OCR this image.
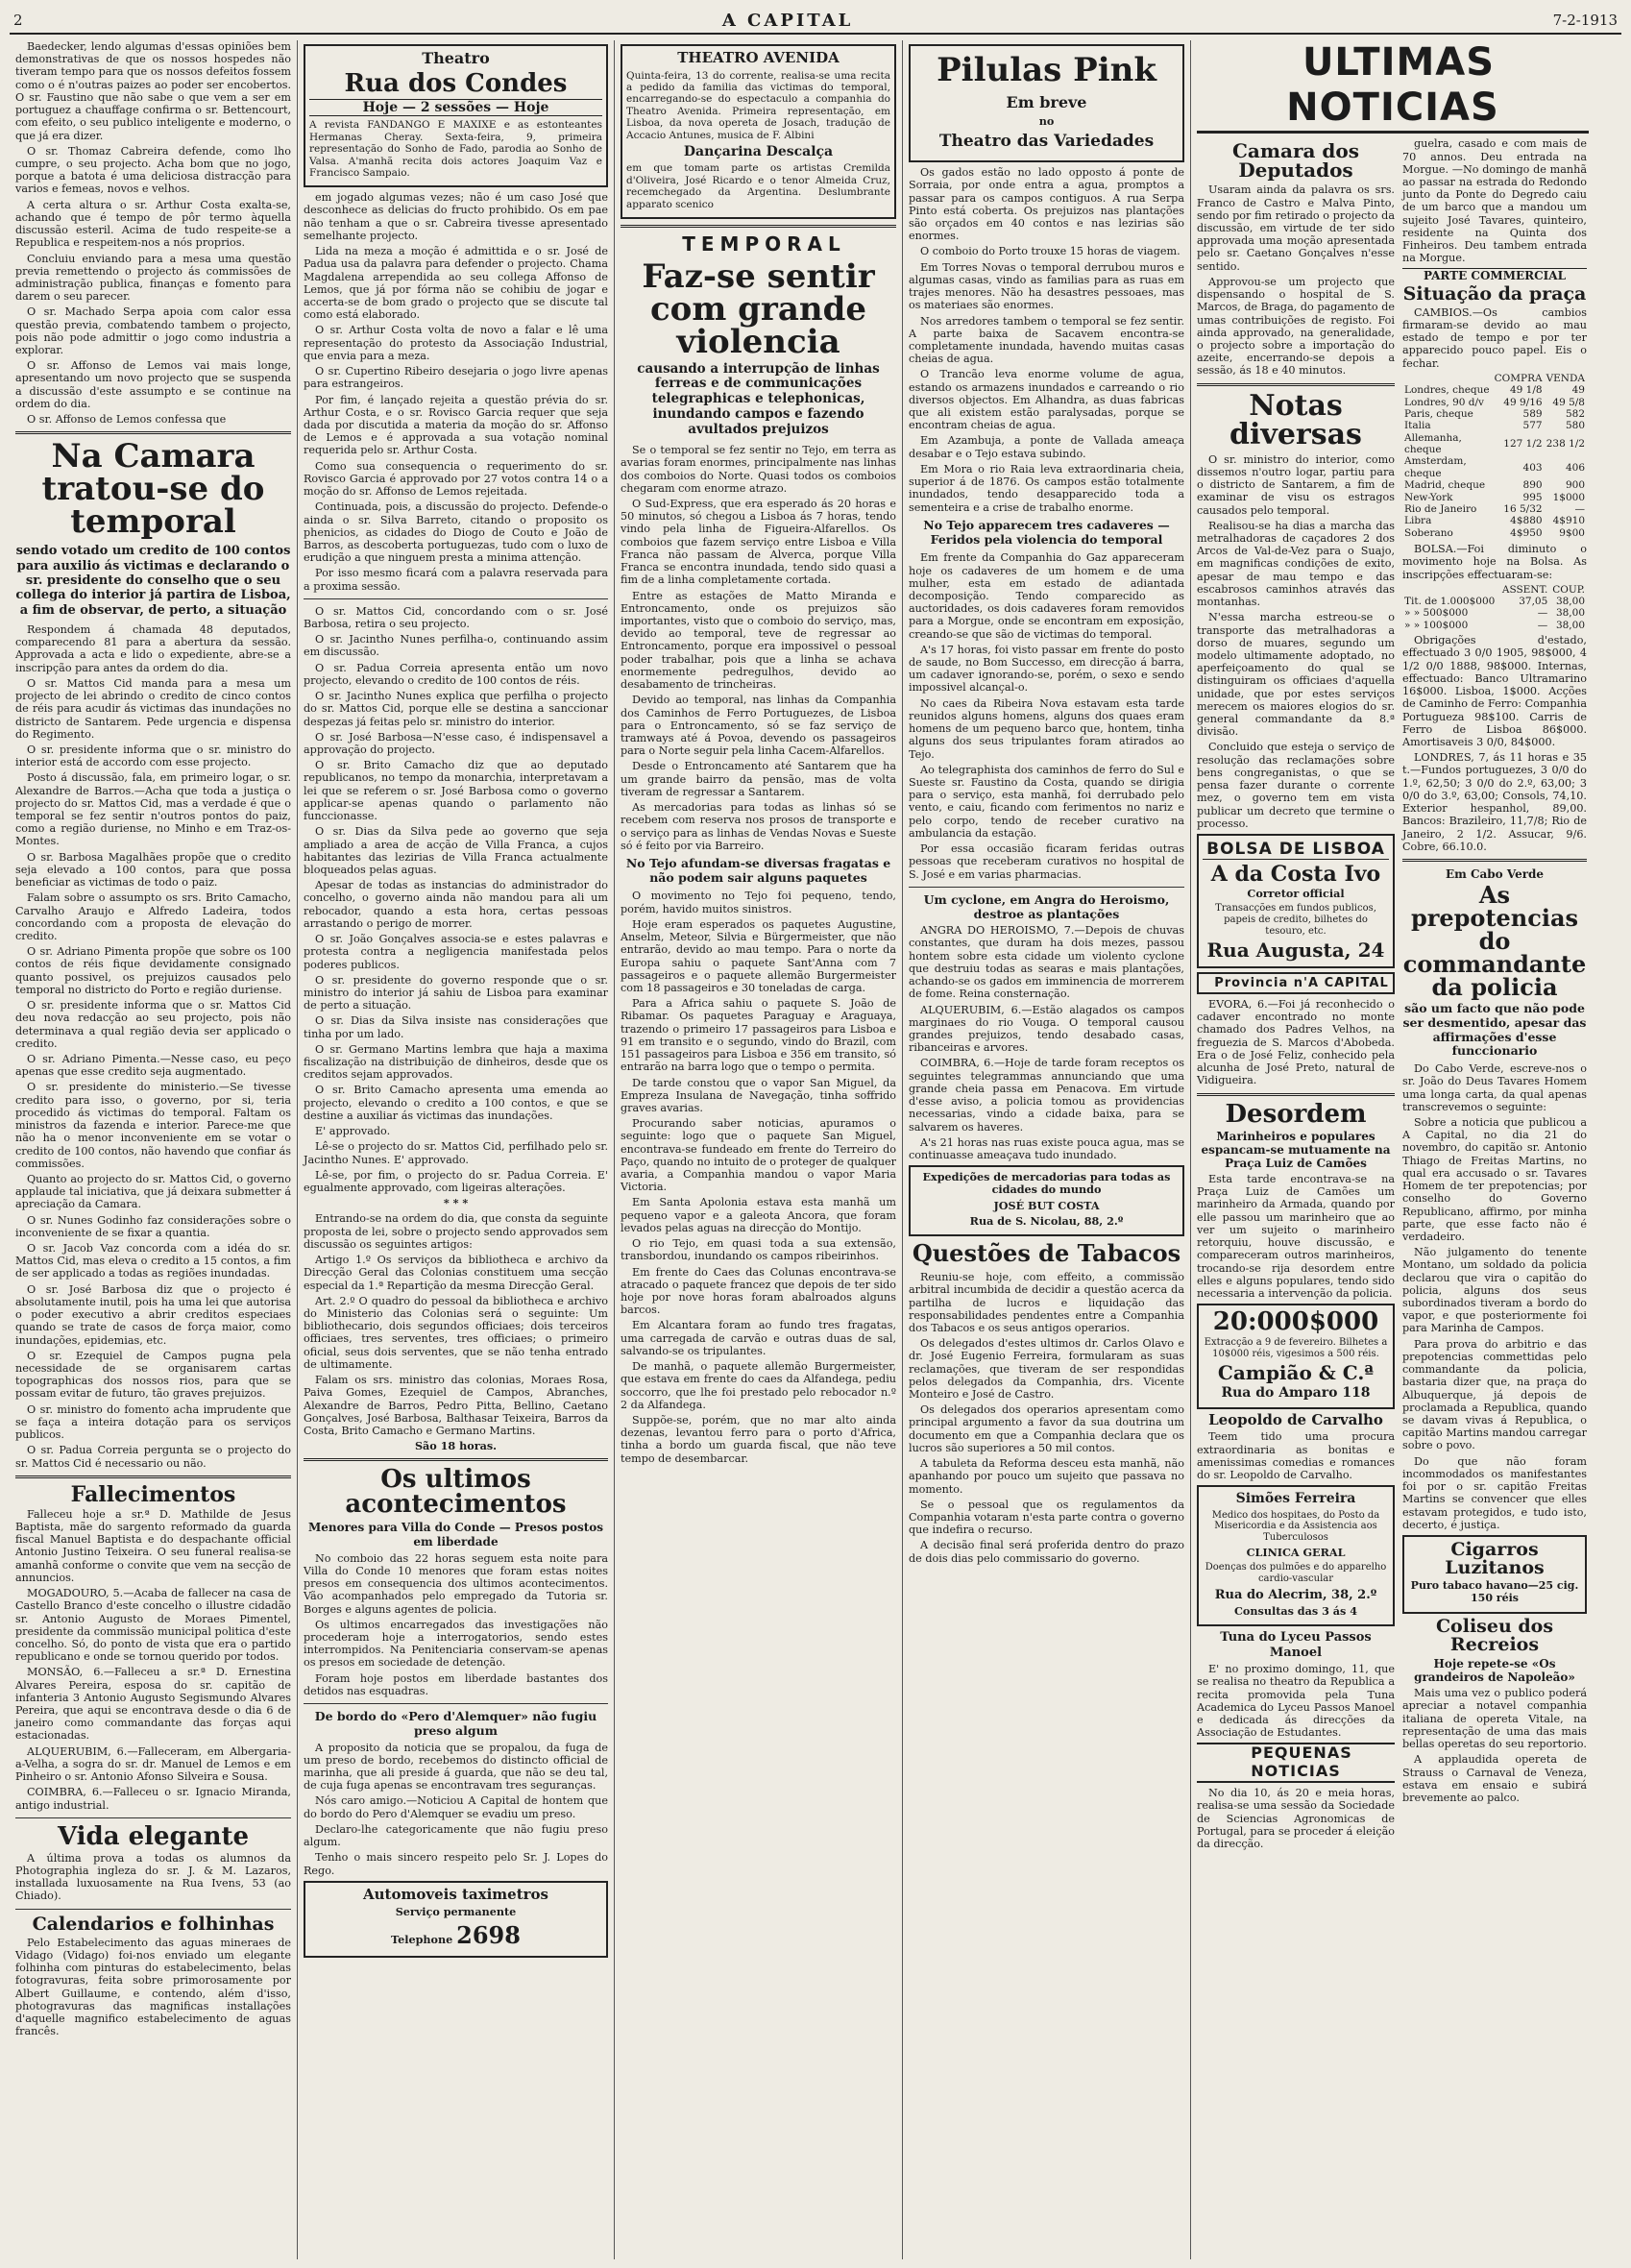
2	A CAPITAL	7-2-1913

Baedecker, lendo algumas d'essas opiniões bem demonstrativas de que os nossos hospedes não tiveram tempo para que os nossos defeitos fossem como o é n'outras paizes ao poder ser encobertos. O sr. Faustino que não sabe o que vem a ser em portuguez a chauffage confirma o sr. Bettencourt, com efeito, o seu publico inteligente e moderno, o que já era dizer.

O sr. Thomaz Cabreira defende, como lho cumpre, o seu projecto. Acha bom que no jogo, porque a batota é uma deliciosa distracção para varios e femeas, novos e velhos.

A certa altura o sr. Arthur Costa exalta-se, achando que é tempo de pôr termo àquella discussão esteril. Acima de tudo respeite-se a Republica e respeitem-nos a nós proprios.

Concluiu enviando para a mesa uma questão previa remettendo o projecto ás commissões de administração publica, finanças e fomento para darem o seu parecer.

O sr. Machado Serpa apoia com calor essa questão previa, combatendo tambem o projecto, pois não pode admittir o jogo como industria a explorar.

O sr. Affonso de Lemos vai mais longe, apresentando um novo projecto que se suspenda a discussão d'este assumpto e se continue na ordem do dia.

O sr. Affonso de Lemos confessa que

Na Camara tratou-se do temporal

sendo votado um credito de 100 contos para auxilio ás victimas e declarando o sr. presidente do conselho que o seu collega do interior já partira de Lisboa, a fim de observar, de perto, a situação

Respondem á chamada 48 deputados, comparecendo 81 para a abertura da sessão. Approvada a acta e lido o expediente, abre-se a inscripção para antes da ordem do dia.

O sr. Mattos Cid manda para a mesa um projecto de lei abrindo o credito de cinco contos de réis para acudir ás victimas das inundações no districto de Santarem. Pede urgencia e dispensa do Regimento.

O sr. presidente informa que o sr. ministro do interior está de accordo com esse projecto.

Posto á discussão, fala, em primeiro logar, o sr. Alexandre de Barros.—Acha que toda a justiça o projecto do sr. Mattos Cid, mas a verdade é que o temporal se fez sentir n'outros pontos do paiz, como a região duriense, no Minho e em Traz-os-Montes.

O sr. Barbosa Magalhães propõe que o credito seja elevado a 100 contos, para que possa beneficiar as victimas de todo o paiz.

Falam sobre o assumpto os srs. Brito Camacho, Carvalho Araujo e Alfredo Ladeira, todos concordando com a proposta de elevação do credito.

O sr. Adriano Pimenta propõe que sobre os 100 contos de réis fique devidamente consignado quanto possivel, os prejuizos causados pelo temporal no districto do Porto e região duriense.

O sr. presidente informa que o sr. Mattos Cid deu nova redacção ao seu projecto, pois não determinava a qual região devia ser applicado o credito.

O sr. Adriano Pimenta.—Nesse caso, eu peço apenas que esse credito seja augmentado.

O sr. presidente do ministerio.—Se tivesse credito para isso, o governo, por si, teria procedido ás victimas do temporal. Faltam os ministros da fazenda e interior. Parece-me que não ha o menor inconveniente em se votar o credito de 100 contos, não havendo que confiar ás commissões.

Quanto ao projecto do sr. Mattos Cid, o governo applaude tal iniciativa, que já deixara submetter á apreciação da Camara.

O sr. Nunes Godinho faz considerações sobre o inconveniente de se fixar a quantia.

O sr. Jacob Vaz concorda com a idéa do sr. Mattos Cid, mas eleva o credito a 15 contos, a fim de ser applicado a todas as regiões inundadas.

O sr. José Barbosa diz que o projecto é absolutamente inutil, pois ha uma lei que autorisa o poder executivo a abrir creditos especiaes quando se trate de casos de força maior, como inundações, epidemias, etc.

O sr. Ezequiel de Campos pugna pela necessidade de se organisarem cartas topographicas dos nossos rios, para que se possam evitar de futuro, tão graves prejuizos.

O sr. ministro do fomento acha imprudente que se faça a inteira dotação para os serviços publicos.

O sr. Padua Correia pergunta se o projecto do sr. Mattos Cid é necessario ou não.

Fallecimentos

Falleceu hoje a sr.ª D. Mathilde de Jesus Baptista, mãe do sargento reformado da guarda fiscal Manuel Baptista e do despachante official Antonio Justino Teixeira. O seu funeral realisa-se amanhã conforme o convite que vem na secção de annuncios.

MOGADOURO, 5.—Acaba de fallecer na casa de Castello Branco d'este concelho o illustre cidadão sr. Antonio Augusto de Moraes Pimentel, presidente da commissão municipal politica d'este concelho. Só, do ponto de vista que era o partido republicano e onde se tornou querido por todos.

MONSÃO, 6.—Falleceu a sr.ª D. Ernestina Alvares Pereira, esposa do sr. capitão de infanteria 3 Antonio Augusto Segismundo Alvares Pereira, que aqui se encontrava desde o dia 6 de janeiro como commandante das forças aqui estacionadas.

ALQUERUBIM, 6.—Falleceram, em Albergaria-a-Velha, a sogra do sr. dr. Manuel de Lemos e em Pinheiro o sr. Antonio Afonso Silveira e Sousa.

COIMBRA, 6.—Falleceu o sr. Ignacio Miranda, antigo industrial.

Vida elegante

A última prova a todas os alumnos da Photographia ingleza do sr. J. & M. Lazaros, installada luxuosamente na Rua Ivens, 53 (ao Chiado).

Calendarios e folhinhas

Pelo Estabelecimento das aguas mineraes de Vidago (Vidago) foi-nos enviado um elegante folhinha com pinturas do estabelecimento, belas fotogravuras, feita sobre primorosamente por Albert Guillaume, e contendo, além d'isso, photogravuras das magnificas installações d'aquelle magnifico estabelecimento de aguas francês.

Theatro

Rua dos Condes

Hoje — 2 sessões — Hoje

A revista FANDANGO E MAXIXE e as estonteantes Hermanas Cheray. Sexta-feira, 9, primeira representação do Sonho de Fado, parodia ao Sonho de Valsa. A'manhã recita dois actores Joaquim Vaz e Francisco Sampaio.

em jogado algumas vezes; não é um caso José que desconhece as delicias do fructo prohibido. Os em pae não tenham a que o sr. Cabreira tivesse apresentado semelhante projecto.

Lida na meza a moção é admittida e o sr. José de Padua usa da palavra para defender o projecto. Chama Magdalena arrependida ao seu collega Affonso de Lemos, que já por fórma não se cohibiu de jogar e accerta-se de bom grado o projecto que se discute tal como está elaborado.

O sr. Arthur Costa volta de novo a falar e lê uma representação do protesto da Associação Industrial, que envia para a meza.

O sr. Cupertino Ribeiro desejaria o jogo livre apenas para estrangeiros.

Por fim, é lançado rejeita a questão prévia do sr. Arthur Costa, e o sr. Rovisco Garcia requer que seja dada por discutida a materia da moção do sr. Affonso de Lemos e é approvada a sua votação nominal requerida pelo sr. Arthur Costa.

Como sua consequencia o requerimento do sr. Rovisco Garcia é approvado por 27 votos contra 14 o a moção do sr. Affonso de Lemos rejeitada.

Continuada, pois, a discussão do projecto. Defende-o ainda o sr. Silva Barreto, citando o proposito os phenicios, as cidades do Diogo de Couto e João de Barros, as descoberta portuguezas, tudo com o luxo de erudição a que ninguem presta a minima attenção.

Por isso mesmo ficará com a palavra reservada para a proxima sessão.

O sr. Mattos Cid, concordando com o sr. José Barbosa, retira o seu projecto.

O sr. Jacintho Nunes perfilha-o, continuando assim em discussão.

O sr. Padua Correia apresenta então um novo projecto, elevando o credito de 100 contos de réis.

O sr. Jacintho Nunes explica que perfilha o projecto do sr. Mattos Cid, porque elle se destina a sanccionar despezas já feitas pelo sr. ministro do interior.

O sr. José Barbosa—N'esse caso, é indispensavel a approvação do projecto.

O sr. Brito Camacho diz que ao deputado republicanos, no tempo da monarchia, interpretavam a lei que se referem o sr. José Barbosa como o governo applicar-se apenas quando o parlamento não funccionasse.

O sr. Dias da Silva pede ao governo que seja ampliado a area de acção de Villa Franca, a cujos habitantes das lezirias de Villa Franca actualmente bloqueados pelas aguas.

Apesar de todas as instancias do administrador do concelho, o governo ainda não mandou para ali um rebocador, quando a esta hora, certas pessoas arrastando o perigo de morrer.

O sr. João Gonçalves associa-se e estes palavras e protesta contra a negligencia manifestada pelos poderes publicos.

O sr. presidente do governo responde que o sr. ministro do interior já sahiu de Lisboa para examinar de perto a situação.

O sr. Dias da Silva insiste nas considerações que tinha por um lado.

O sr. Germano Martins lembra que haja a maxima fiscalização na distribuição de dinheiros, desde que os creditos sejam approvados.

O sr. Brito Camacho apresenta uma emenda ao projecto, elevando o credito a 100 contos, e que se destine a auxiliar ás victimas das inundações.

E' approvado.

Lê-se o projecto do sr. Mattos Cid, perfilhado pelo sr. Jacintho Nunes. E' approvado.

Lê-se, por fim, o projecto do sr. Padua Correia. E' egualmente approvado, com ligeiras alterações.

* * *

Entrando-se na ordem do dia, que consta da seguinte proposta de lei, sobre o projecto sendo approvados sem discussão os seguintes artigos:

Artigo 1.º Os serviços da bibliotheca e archivo da Direcção Geral das Colonias constituem uma secção especial da 1.ª Repartição da mesma Direcção Geral.

Art. 2.º O quadro do pessoal da bibliotheca e archivo do Ministerio das Colonias será o seguinte: Um bibliothecario, dois segundos officiaes; dois terceiros officiaes, tres serventes, tres officiaes; o primeiro oficial, seus dois serventes, que se não tenha entrado de ultimamente.

Falam os srs. ministro das colonias, Moraes Rosa, Paiva Gomes, Ezequiel de Campos, Abranches, Alexandre de Barros, Pedro Pitta, Bellino, Caetano Gonçalves, José Barbosa, Balthasar Teixeira, Barros da Costa, Brito Camacho e Germano Martins.

São 18 horas.

Os ultimos acontecimentos

Menores para Villa do Conde — Presos postos em liberdade

No comboio das 22 horas seguem esta noite para Villa do Conde 10 menores que foram estas noites presos em consequencia dos ultimos acontecimentos. Vão acompanhados pelo empregado da Tutoria sr. Borges e alguns agentes de policia.

Os ultimos encarregados das investigações não procederam hoje a interrogatorios, sendo estes interrompidos. Na Penitenciaria conservam-se apenas os presos em sociedade de detenção.

Foram hoje postos em liberdade bastantes dos detidos nas esquadras.

De bordo do «Pero d'Alemquer» não fugiu preso algum

A proposito da noticia que se propalou, da fuga de um preso de bordo, recebemos do distincto official de marinha, que ali preside á guarda, que não se deu tal, de cuja fuga apenas se encontravam tres seguranças.

Nós caro amigo.—Noticiou A Capital de hontem que do bordo do Pero d'Alemquer se evadiu um preso.

Declaro-lhe categoricamente que não fugiu preso algum.

Tenho o mais sincero respeito pelo Sr. J. Lopes do Rego.

Automoveis taximetros

Serviço permanente

Telephone 2698

THEATRO AVENIDA

Quinta-feira, 13 do corrente, realisa-se uma recita a pedido da familia das victimas do temporal, encarregando-se do espectaculo a companhia do Theatro Avenida. Primeira representação, em Lisboa, da nova opereta de Josach, tradução de Accacio Antunes, musica de F. Albini

Dançarina Descalça

em que tomam parte os artistas Cremilda d'Oliveira, José Ricardo e o tenor Almeida Cruz, recemchegado da Argentina. Deslumbrante apparato scenico

TEMPORAL

Faz-se sentir com grande violencia

causando a interrupção de linhas ferreas e de communicações telegraphicas e telephonicas, inundando campos e fazendo avultados prejuizos

Se o temporal se fez sentir no Tejo, em terra as avarias foram enormes, principalmente nas linhas dos comboios do Norte. Quasi todos os comboios chegaram com enorme atrazo.

O Sud-Express, que era esperado ás 20 horas e 50 minutos, só chegou a Lisboa ás 7 horas, tendo vindo pela linha de Figueira-Alfarellos. Os comboios que fazem serviço entre Lisboa e Villa Franca não passam de Alverca, porque Villa Franca se encontra inundada, tendo sido quasi a fim de a linha completamente cortada.

Entre as estações de Matto Miranda e Entroncamento, onde os prejuizos são importantes, visto que o comboio do serviço, mas, devido ao temporal, teve de regressar ao Entroncamento, porque era impossivel o pessoal poder trabalhar, pois que a linha se achava enormemente pedregulhos, devido ao desabamento de trincheiras.

Devido ao temporal, nas linhas da Companhia dos Caminhos de Ferro Portuguezes, de Lisboa para o Entroncamento, só se faz serviço de tramways até á Povoa, devendo os passageiros para o Norte seguir pela linha Cacem-Alfarellos.

Desde o Entroncamento até Santarem que ha um grande bairro da pensão, mas de volta tiveram de regressar a Santarem.

As mercadorias para todas as linhas só se recebem com reserva nos prosos de transporte e o serviço para as linhas de Vendas Novas e Sueste só é feito por via Barreiro.

No Tejo afundam-se diversas fragatas e não podem sair alguns paquetes

O movimento no Tejo foi pequeno, tendo, porém, havido muitos sinistros.

Hoje eram esperados os paquetes Augustine, Anselm, Meteor, Silvia e Bürgermeister, que não entrarão, devido ao mau tempo. Para o norte da Europa sahiu o paquete Sant'Anna com 7 passageiros e o paquete allemão Burgermeister com 18 passageiros e 30 toneladas de carga.

Para a Africa sahiu o paquete S. João de Ribamar. Os paquetes Paraguay e Araguaya, trazendo o primeiro 17 passageiros para Lisboa e 91 em transito e o segundo, vindo do Brazil, com 151 passageiros para Lisboa e 356 em transito, só entrarão na barra logo que o tempo o permita.

De tarde constou que o vapor San Miguel, da Empreza Insulana de Navegação, tinha soffrido graves avarias.

Procurando saber noticias, apuramos o seguinte: logo que o paquete San Miguel, encontrava-se fundeado em frente do Terreiro do Paço, quando no intuito de o proteger de qualquer avaria, a Companhia mandou o vapor Maria Victoria.

Em Santa Apolonia estava esta manhã um pequeno vapor e a galeota Ancora, que foram levados pelas aguas na direcção do Montijo.

O rio Tejo, em quasi toda a sua extensão, transbordou, inundando os campos ribeirinhos.

Em frente do Caes das Colunas encontrava-se atracado o paquete francez que depois de ter sido hoje por nove horas foram abalroados alguns barcos.

Em Alcantara foram ao fundo tres fragatas, uma carregada de carvão e outras duas de sal, salvando-se os tripulantes.

De manhã, o paquete allemão Burgermeister, que estava em frente do caes da Alfandega, pediu soccorro, que lhe foi prestado pelo rebocador n.º 2 da Alfandega.

Suppõe-se, porém, que no mar alto ainda dezenas, levantou ferro para o porto d'Africa, tinha a bordo um guarda fiscal, que não teve tempo de desembarcar.

Pilulas Pink

Em breve

no

Theatro das Variedades

Os gados estão no lado opposto á ponte de Sorraia, por onde entra a agua, promptos a passar para os campos contiguos. A rua Serpa Pinto está coberta. Os prejuizos nas plantações são orçados em 40 contos e nas lezirias são enormes.

O comboio do Porto trouxe 15 horas de viagem.

Em Torres Novas o temporal derrubou muros e algumas casas, vindo as familias para as ruas em trajes menores. Não ha desastres pessoaes, mas os materiaes são enormes.

Nos arredores tambem o temporal se fez sentir. A parte baixa de Sacavem encontra-se completamente inundada, havendo muitas casas cheias de agua.

O Trancão leva enorme volume de agua, estando os armazens inundados e carreando o rio diversos objectos. Em Alhandra, as duas fabricas que ali existem estão paralysadas, porque se encontram cheias de agua.

Em Azambuja, a ponte de Vallada ameaça desabar e o Tejo estava subindo.

Em Mora o rio Raia leva extraordinaria cheia, superior á de 1876. Os campos estão totalmente inundados, tendo desapparecido toda a sementeira e a crise de trabalho enorme.

No Tejo apparecem tres cadaveres — Feridos pela violencia do temporal

Em frente da Companhia do Gaz appareceram hoje os cadaveres de um homem e de uma mulher, esta em estado de adiantada decomposição. Tendo comparecido as auctoridades, os dois cadaveres foram removidos para a Morgue, onde se encontram em exposição, creando-se que são de victimas do temporal.

A's 17 horas, foi visto passar em frente do posto de saude, no Bom Successo, em direcção á barra, um cadaver ignorando-se, porém, o sexo e sendo impossivel alcançal-o.

No caes da Ribeira Nova estavam esta tarde reunidos alguns homens, alguns dos quaes eram homens de um pequeno barco que, hontem, tinha alguns dos seus tripulantes foram atirados ao Tejo.

Ao telegraphista dos caminhos de ferro do Sul e Sueste sr. Faustino da Costa, quando se dirigia para o serviço, esta manhã, foi derrubado pelo vento, e caiu, ficando com ferimentos no nariz e pelo corpo, tendo de receber curativo na ambulancia da estação.

Por essa occasião ficaram feridas outras pessoas que receberam curativos no hospital de S. José e em varias pharmacias.

Um cyclone, em Angra do Heroismo, destroe as plantações

ANGRA DO HEROISMO, 7.—Depois de chuvas constantes, que duram ha dois mezes, passou hontem sobre esta cidade um violento cyclone que destruiu todas as searas e mais plantações, achando-se os gados em imminencia de morrerem de fome. Reina consternação.

ALQUERUBIM, 6.—Estão alagados os campos marginaes do rio Vouga. O temporal causou grandes prejuizos, tendo desabado casas, ribanceiras e arvores.

COIMBRA, 6.—Hoje de tarde foram receptos os seguintes telegrammas annunciando que uma grande cheia passa em Penacova. Em virtude d'esse aviso, a policia tomou as providencias necessarias, vindo a cidade baixa, para se salvarem os haveres.

A's 21 horas nas ruas existe pouca agua, mas se continuasse ameaçava tudo inundado.

Expedições de mercadorias para todas as cidades do mundo

JOSÉ BUT COSTA

Rua de S. Nicolau, 88, 2.º

Questões de Tabacos

Reuniu-se hoje, com effeito, a commissão arbitral incumbida de decidir a questão acerca da partilha de lucros e liquidação das responsabilidades pendentes entre a Companhia dos Tabacos e os seus antigos operarios.

Os delegados d'estes ultimos dr. Carlos Olavo e dr. José Eugenio Ferreira, formularam as suas reclamações, que tiveram de ser respondidas pelos delegados da Companhia, drs. Vicente Monteiro e José de Castro.

Os delegados dos operarios apresentam como principal argumento a favor da sua doutrina um documento em que a Companhia declara que os lucros são superiores a 50 mil contos.

A tabuleta da Reforma desceu esta manhã, não apanhando por pouco um sujeito que passava no momento.

Se o pessoal que os regulamentos da Companhia votaram n'esta parte contra o governo que indefira o recurso.

A decisão final será proferida dentro do prazo de dois dias pelo commissario do governo.

ULTIMAS NOTICIAS

Camara dos Deputados

Usaram ainda da palavra os srs. Franco de Castro e Malva Pinto, sendo por fim retirado o projecto da discussão, em virtude de ter sido approvada uma moção apresentada pelo sr. Caetano Gonçalves n'esse sentido.

Approvou-se um projecto que dispensando o hospital de S. Marcos, de Braga, do pagamento de umas contribuições de registo. Foi ainda approvado, na generalidade, o projecto sobre a importação do azeite, encerrando-se depois a sessão, ás 18 e 40 minutos.

Notas diversas

O sr. ministro do interior, como dissemos n'outro logar, partiu para o districto de Santarem, a fim de examinar de visu os estragos causados pelo temporal.

Realisou-se ha dias a marcha das metralhadoras de caçadores 2 dos Arcos de Val-de-Vez para o Suajo, em magnificas condições de exito, apesar de mau tempo e das escabrosos caminhos através das montanhas.

N'essa marcha estreou-se o transporte das metralhadoras a dorso de muares, segundo um modelo ultimamente adoptado, no aperfeiçoamento do qual se distinguiram os officiaes d'aquella unidade, que por estes serviços merecem os maiores elogios do sr. general commandante da 8.ª divisão.

Concluido que esteja o serviço de resolução das reclamações sobre bens congreganistas, o que se pensa fazer durante o corrente mez, o governo tem em vista publicar um decreto que termine o processo.

BOLSA DE LISBOA

A da Costa Ivo

Corretor official

Transacções em fundos publicos, papeis de credito, bilhetes do tesouro, etc.

Rua Augusta, 24

Provincia n'A CAPITAL

EVORA, 6.—Foi já reconhecido o cadaver encontrado no monte chamado dos Padres Velhos, na freguezia de S. Marcos d'Abobeda. Era o de José Feliz, conhecido pela alcunha de José Preto, natural de Vidigueira.

Desordem

Marinheiros e populares espancam-se mutuamente na Praça Luiz de Camões

Esta tarde encontrava-se na Praça Luiz de Camões um marinheiro da Armada, quando por elle passou um marinheiro que ao ver um sujeito o marinheiro retorquiu, houve discussão, e compareceram outros marinheiros, trocando-se rija desordem entre elles e alguns populares, tendo sido necessaria a intervenção da policia.

20:000$000

Extracção a 9 de fevereiro. Bilhetes a 10$000 réis, vigesimos a 500 réis.

Campião & C.ª

Rua do Amparo 118

Leopoldo de Carvalho

Teem tido uma procura extraordinaria as bonitas e amenissimas comedias e romances do sr. Leopoldo de Carvalho.

Simões Ferreira

Medico dos hospitaes, do Posto da Misericordia e da Assistencia aos Tuberculosos

CLINICA GERAL

Doenças dos pulmões e do apparelho cardio-vascular

Rua do Alecrim, 38, 2.º

Consultas das 3 ás 4

Tuna do Lyceu Passos Manoel

E' no proximo domingo, 11, que se realisa no theatro da Republica a recita promovida pela Tuna Academica do Lyceu Passos Manoel e dedicada ás direcções da Associação de Estudantes.

PEQUENAS NOTICIAS

No dia 10, ás 20 e meia horas, realisa-se uma sessão da Sociedade de Sciencias Agronomicas de Portugal, para se proceder á eleição da direcção.

guelra, casado e com mais de 70 annos. Deu entrada na Morgue. —No domingo de manhã ao passar na estrada do Redondo junto da Ponte do Degredo caiu de um barco que a mandou um sujeito José Tavares, quinteiro, residente na Quinta dos Finheiros. Deu tambem entrada na Morgue.

PARTE COMMERCIAL

Situação da praça

CAMBIOS.—Os cambios firmaram-se devido ao mau estado de tempo e por ter apparecido pouco papel. Eis o fechar.

	COMPRA	VENDA
Londres, cheque	49 1/8	49
Londres, 90 d/v	49 9/16	49 5/8
Paris, cheque	589	582
Italia	577	580
Allemanha, cheque	127 1/2	238 1/2
Amsterdam, cheque	403	406
Madrid, cheque	890	900
New-York	995	1$000
Rio de Janeiro	16 5/32	—
Libra	4$880	4$910
Soberano	4$950	9$00

BOLSA.—Foi diminuto o movimento hoje na Bolsa. As inscripções effectuaram-se:

	ASSENT.	COUP.
Tit. de 1.000$000	37,05	38,00
» » 500$000	—	38,00
» » 100$000	—	38,00

Obrigações d'estado, effectuado 3 0/0 1905, 98$000, 4 1/2 0/0 1888, 98$000. Internas, effectuado: Banco Ultramarino 16$000. Lisboa, 1$000. Acções de Caminho de Ferro: Companhia Portugueza 98$100. Carris de Ferro de Lisboa 86$000. Amortisaveis 3 0/0, 84$000.

LONDRES, 7, ás 11 horas e 35 t.—Fundos portuguezes, 3 0/0 do 1.º, 62,50; 3 0/0 do 2.º, 63,00; 3 0/0 do 3.º, 63,00; Consols, 74,10. Exterior hespanhol, 89,00. Bancos: Brazileiro, 11,7/8; Rio de Janeiro, 2 1/2. Assucar, 9/6. Cobre, 66.10.0.

Em Cabo Verde

As prepotencias do commandante da policia

são um facto que não pode ser desmentido, apesar das affirmações d'esse funccionario

Do Cabo Verde, escreve-nos o sr. João do Deus Tavares Homem uma longa carta, da qual apenas transcrevemos o seguinte:

Sobre a noticia que publicou a A Capital, no dia 21 do novembro, do capitão sr. Antonio Thiago de Freitas Martins, no qual era accusado o sr. Tavares Homem de ter prepotencias; por conselho do Governo Republicano, affirmo, por minha parte, que esse facto não é verdadeiro.

Não julgamento do tenente Montano, um soldado da policia declarou que vira o capitão do policia, alguns dos seus subordinados tiveram a bordo do vapor, e que posteriormente foi para Marinha de Campos.

Para prova do arbitrio e das prepotencias commettidas pelo commandante da policia, bastaria dizer que, na praça do Albuquerque, já depois de proclamada a Republica, quando se davam vivas á Republica, o capitão Martins mandou carregar sobre o povo.

Do que não foram incommodados os manifestantes foi por o sr. capitão Freitas Martins se convencer que elles estavam protegidos, e tudo isto, decerto, é justiça.

Cigarros Luzitanos

Puro tabaco havano—25 cig. 150 réis

Coliseu dos Recreios

Hoje repete-se «Os grandeiros de Napoleão»

Mais uma vez o publico poderá apreciar a notavel companhia italiana de opereta Vitale, na representação de uma das mais bellas operetas do seu reportorio.

A applaudida opereta de Strauss o Carnaval de Veneza, estava em ensaio e subirá brevemente ao palco.
